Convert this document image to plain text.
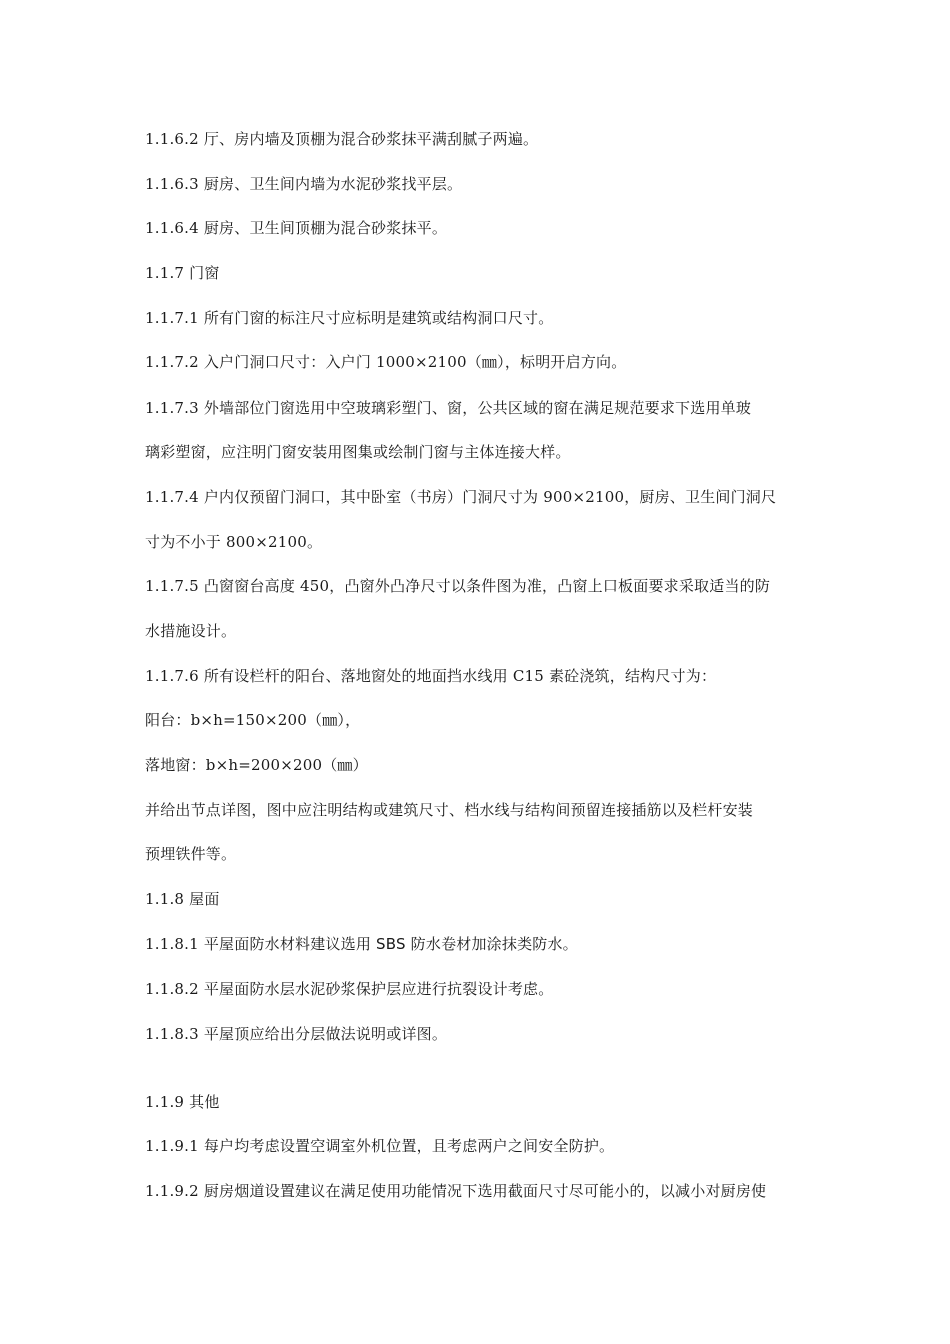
1.1.6.2 厅、房内墙及顶棚为混合砂浆抹平满刮腻子两遍。
1.1.6.3 厨房、卫生间内墙为水泥砂浆找平层。
1.1.6.4 厨房、卫生间顶棚为混合砂浆抹平。
1.1.7 门窗
1.1.7.1 所有门窗的标注尺寸应标明是建筑或结构洞口尺寸。
1.1.7.2 入户门洞口尺寸：入户门 1000×2100（㎜），标明开启方向。
1.1.7.3 外墙部位门窗选用中空玻璃彩塑门、窗，公共区域的窗在满足规范要求下选用单玻
璃彩塑窗，应注明门窗安装用图集或绘制门窗与主体连接大样。
1.1.7.4 户内仅预留门洞口，其中卧室（书房）门洞尺寸为 900×2100，厨房、卫生间门洞尺
寸为不小于 800×2100。
1.1.7.5 凸窗窗台高度 450，凸窗外凸净尺寸以条件图为准，凸窗上口板面要求采取适当的防
水措施设计。
1.1.7.6 所有设栏杆的阳台、落地窗处的地面挡水线用 C15 素砼浇筑，结构尺寸为：
阳台：b×h=150×200（㎜），
落地窗：b×h=200×200（㎜）
并给出节点详图，图中应注明结构或建筑尺寸、档水线与结构间预留连接插筋以及栏杆安装
预埋铁件等。
1.1.8 屋面
1.1.8.1 平屋面防水材料建议选用 SBS 防水卷材加涂抹类防水。
1.1.8.2 平屋面防水层水泥砂浆保护层应进行抗裂设计考虑。
1.1.8.3 平屋顶应给出分层做法说明或详图。
1.1.9 其他
1.1.9.1 每户均考虑设置空调室外机位置，且考虑两户之间安全防护。
1.1.9.2 厨房烟道设置建议在满足使用功能情况下选用截面尺寸尽可能小的，以减小对厨房使
